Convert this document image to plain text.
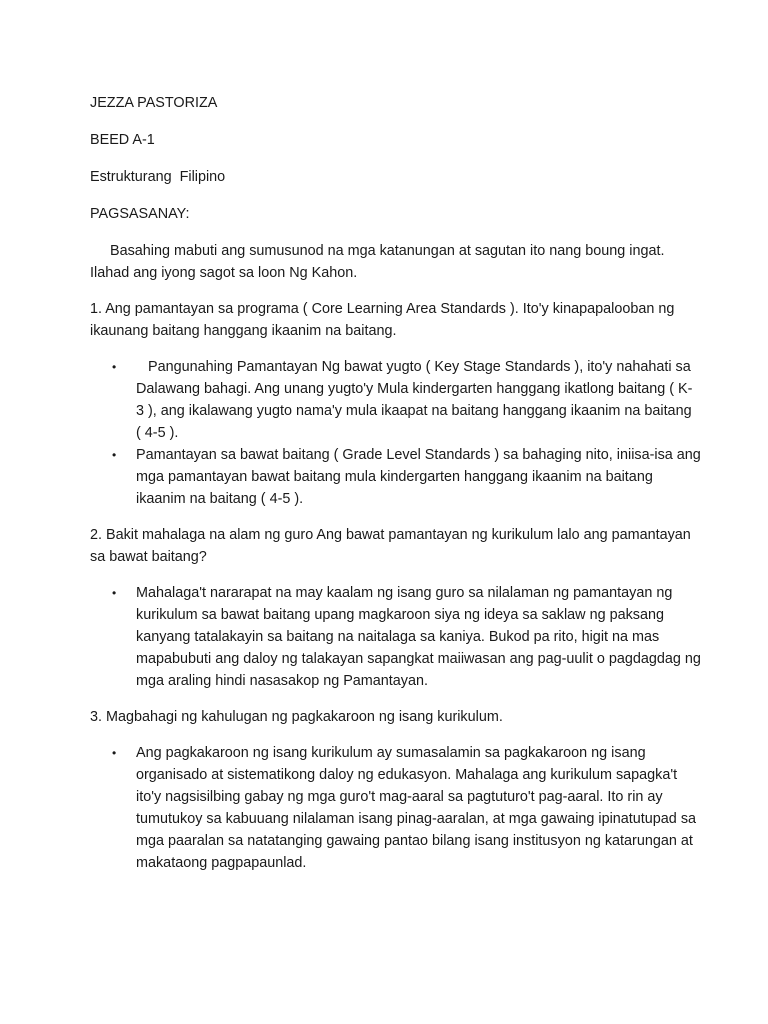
JEZZA PASTORIZA

BEED A-1

Estrukturang  Filipino

PAGSASANAY:

Basahing mabuti ang sumusunod na mga katanungan at sagutan ito nang boung ingat.

Ilahad ang iyong sagot sa loon Ng Kahon.

1. Ang pamantayan sa programa ( Core Learning Area Standards ). Ito'y kinapapalooban ng

ikaunang baitang hanggang ikaanim na baitang.

• Pangunahing Pamantayan Ng bawat yugto ( Key Stage Standards ), ito'y nahahati sa

Dalawang bahagi. Ang unang yugto'y Mula kindergarten hanggang ikatlong baitang ( K-

3 ), ang ikalawang yugto nama'y mula ikaapat na baitang hanggang ikaanim na baitang

( 4-5 ).

• Pamantayan sa bawat baitang ( Grade Level Standards ) sa bahaging nito, iniisa-isa ang

mga pamantayan bawat baitang mula kindergarten hanggang ikaanim na baitang

ikaanim na baitang ( 4-5 ).

2. Bakit mahalaga na alam ng guro Ang bawat pamantayan ng kurikulum lalo ang pamantayan

sa bawat baitang?

• Mahalaga't nararapat na may kaalam ng isang guro sa nilalaman ng pamantayan ng

kurikulum sa bawat baitang upang magkaroon siya ng ideya sa saklaw ng paksang

kanyang tatalakayin sa baitang na naitalaga sa kaniya. Bukod pa rito, higit na mas

mapabubuti ang daloy ng talakayan sapangkat maiiwasan ang pag-uulit o pagdagdag ng

mga araling hindi nasasakop ng Pamantayan.

3. Magbahagi ng kahulugan ng pagkakaroon ng isang kurikulum.

• Ang pagkakaroon ng isang kurikulum ay sumasalamin sa pagkakaroon ng isang

organisado at sistematikong daloy ng edukasyon. Mahalaga ang kurikulum sapagka't

ito'y nagsisilbing gabay ng mga guro't mag-aaral sa pagtuturo't pag-aaral. Ito rin ay

tumutukoy sa kabuuang nilalaman isang pinag-aaralan, at mga gawaing ipinatutupad sa

mga paaralan sa natatanging gawaing pantao bilang isang institusyon ng katarungan at

makataong pagpapaunlad.
